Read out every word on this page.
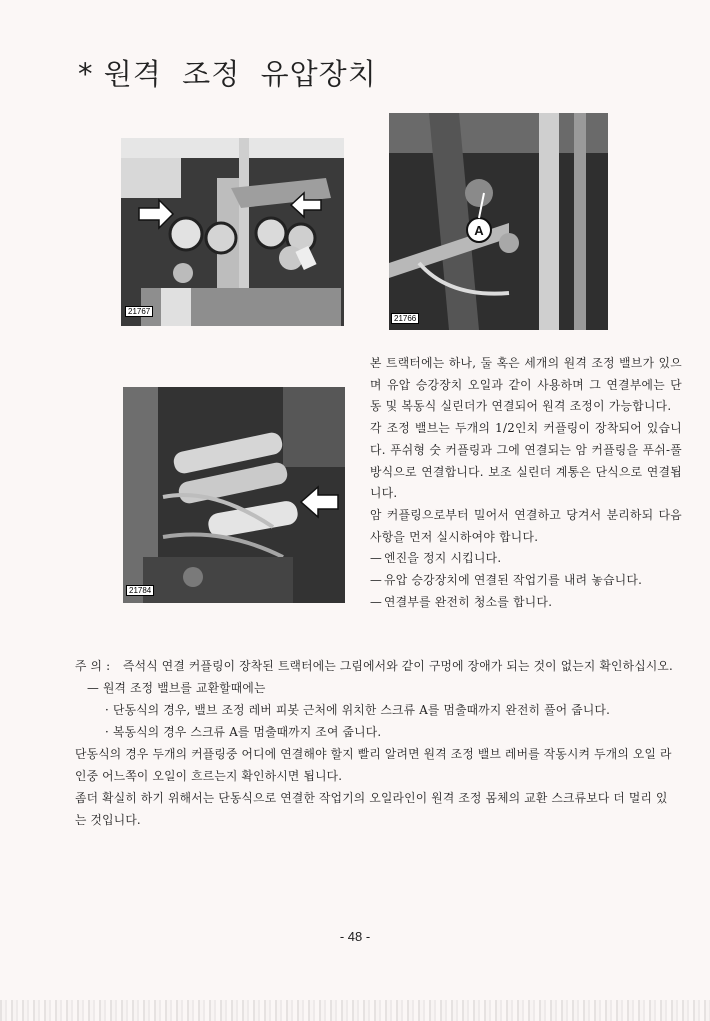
* 원격  조정  유압장치
21767
A
21766
21784

본 트랙터에는 하나, 둘 혹은 세개의 원격 조정 밸브가 있으며 유압 승강장치 오일과 같이 사용하며 그 연결부에는 단동 및 복동식 실린더가 연결되어 원격 조정이 가능합니다.

각 조정 밸브는 두개의 1/2인치 커플링이 장착되어 있습니다. 푸쉬형 숫 커플링과 그에 연결되는 암 커플링을 푸쉬-풀 방식으로 연결합니다. 보조 실린더 계통은 단식으로 연결됩니다.

암 커플링으로부터 밀어서 연결하고 당겨서 분리하되 다음 사항을 먼저 실시하여야 합니다.

— 엔진을 정지 시킵니다.
— 유압 승강장치에 연결된 작업기를 내려 놓습니다.
— 연결부를 완전히 청소를 합니다.
주 의 :	즉석식 연결 커플링이 장착된 트랙터에는 그림에서와 같이 구멍에 장애가 되는 것이 없는지 확인하십시오.

— 원격 조정 밸브를 교환할때에는

· 단동식의 경우, 밸브 조정 레버 피봇 근처에 위치한 스크류 A를 멈출때까지 완전히 풀어 줍니다.
· 복동식의 경우 스크류 A를 멈출때까지 조여 줍니다.

단동식의 경우 두개의 커플링중 어디에 연결해야 할지 빨리 알려면 원격 조정 밸브 레버를 작동시켜 두개의 오일 라인중 어느쪽이 오일이 흐르는지 확인하시면 됩니다.

좀더 확실히 하기 위해서는 단동식으로 연결한 작업기의 오일라인이 원격 조정 몸체의 교환 스크류보다 더 멀리 있는 것입니다.

- 48 -
